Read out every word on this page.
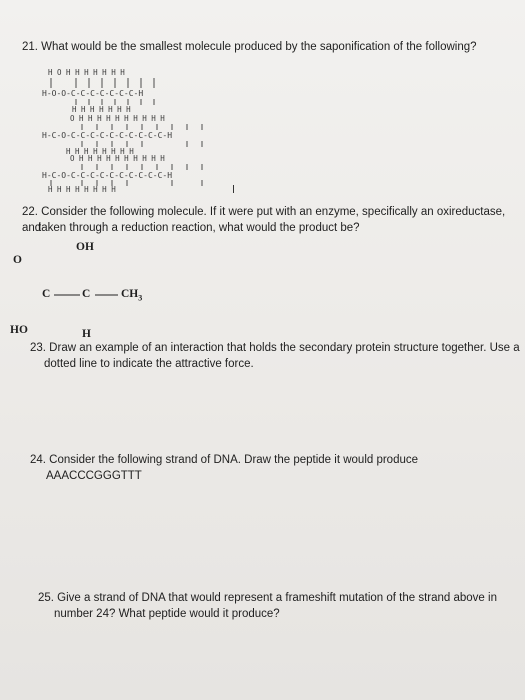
21. What would be the smallest molecule produced by the saponification of the following?
H O H H H H H H H
H-O-O-C-C-C-C-C-C-C-H
H H H H H H H
O H H H H H H H H H H
H-C-O-C-C-C-C-C-C-C-C-C-C-H
H H H H H H H H
O H H H H H H H H H H
H-C-O-C-C-C-C-C-C-C-C-C-C-H
H H H H H H H H
22. Consider the following molecule. If it were put with an enzyme, specifically an oxireductase, and
taken through a reduction reaction, what would the product be?
OH
O
C	C	$CH_3$
HO	H
23. Draw an example of an interaction that holds the secondary protein structure together. Use a
dotted line to indicate the attractive force.
24. Consider the following strand of DNA. Draw the peptide it would produce
AAACCCGGGTTT
25. Give a strand of DNA that would represent a frameshift mutation of the strand above in
number 24? What peptide would it produce?
